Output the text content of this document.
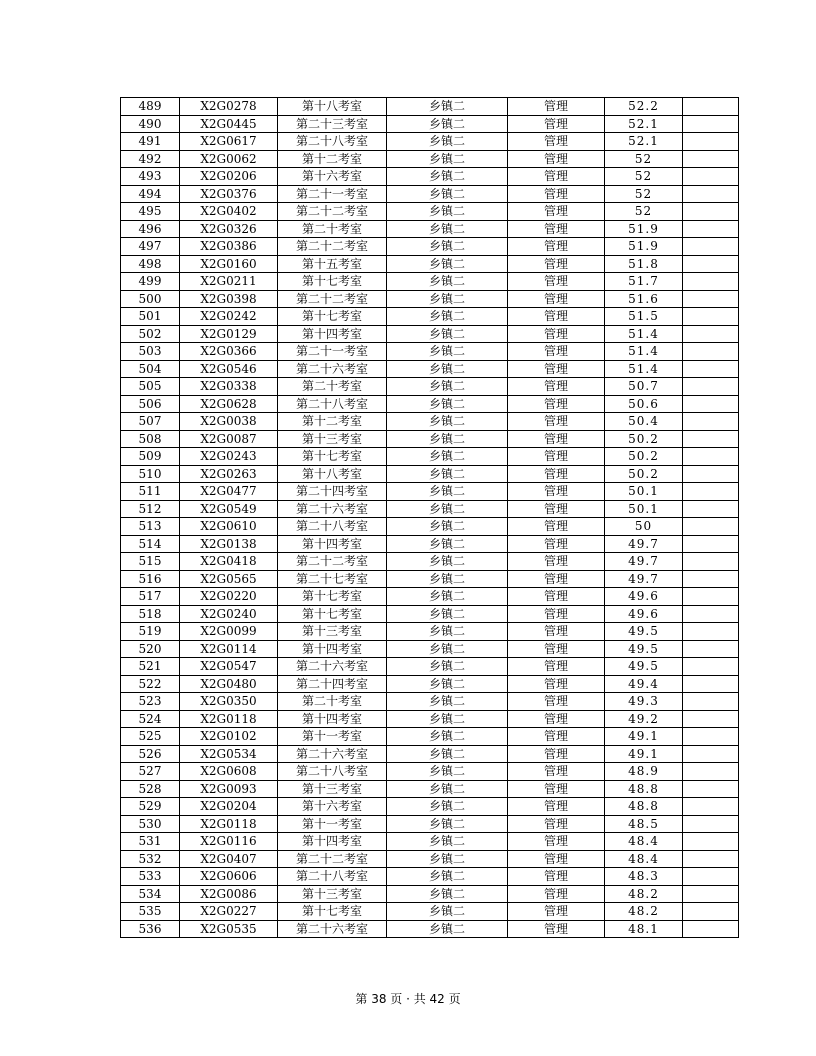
489	X2G0278	第十八考室	乡镇二	管理	52.2	
490	X2G0445	第二十三考室	乡镇二	管理	52.1	
491	X2G0617	第二十八考室	乡镇二	管理	52.1	
492	X2G0062	第十二考室	乡镇二	管理	52	
493	X2G0206	第十六考室	乡镇二	管理	52	
494	X2G0376	第二十一考室	乡镇二	管理	52	
495	X2G0402	第二十二考室	乡镇二	管理	52	
496	X2G0326	第二十考室	乡镇二	管理	51.9	
497	X2G0386	第二十二考室	乡镇二	管理	51.9	
498	X2G0160	第十五考室	乡镇二	管理	51.8	
499	X2G0211	第十七考室	乡镇二	管理	51.7	
500	X2G0398	第二十二考室	乡镇二	管理	51.6	
501	X2G0242	第十七考室	乡镇二	管理	51.5	
502	X2G0129	第十四考室	乡镇二	管理	51.4	
503	X2G0366	第二十一考室	乡镇二	管理	51.4	
504	X2G0546	第二十六考室	乡镇二	管理	51.4	
505	X2G0338	第二十考室	乡镇二	管理	50.7	
506	X2G0628	第二十八考室	乡镇二	管理	50.6	
507	X2G0038	第十二考室	乡镇二	管理	50.4	
508	X2G0087	第十三考室	乡镇二	管理	50.2	
509	X2G0243	第十七考室	乡镇二	管理	50.2	
510	X2G0263	第十八考室	乡镇二	管理	50.2	
511	X2G0477	第二十四考室	乡镇二	管理	50.1	
512	X2G0549	第二十六考室	乡镇二	管理	50.1	
513	X2G0610	第二十八考室	乡镇二	管理	50	
514	X2G0138	第十四考室	乡镇二	管理	49.7	
515	X2G0418	第二十二考室	乡镇二	管理	49.7	
516	X2G0565	第二十七考室	乡镇二	管理	49.7	
517	X2G0220	第十七考室	乡镇二	管理	49.6	
518	X2G0240	第十七考室	乡镇二	管理	49.6	
519	X2G0099	第十三考室	乡镇二	管理	49.5	
520	X2G0114	第十四考室	乡镇二	管理	49.5	
521	X2G0547	第二十六考室	乡镇二	管理	49.5	
522	X2G0480	第二十四考室	乡镇二	管理	49.4	
523	X2G0350	第二十考室	乡镇二	管理	49.3	
524	X2G0118	第十四考室	乡镇二	管理	49.2	
525	X2G0102	第十一考室	乡镇二	管理	49.1	
526	X2G0534	第二十六考室	乡镇二	管理	49.1	
527	X2G0608	第二十八考室	乡镇二	管理	48.9	
528	X2G0093	第十三考室	乡镇二	管理	48.8	
529	X2G0204	第十六考室	乡镇二	管理	48.8	
530	X2G0118	第十一考室	乡镇二	管理	48.5	
531	X2G0116	第十四考室	乡镇二	管理	48.4	
532	X2G0407	第二十二考室	乡镇二	管理	48.4	
533	X2G0606	第二十八考室	乡镇二	管理	48.3	
534	X2G0086	第十三考室	乡镇二	管理	48.2	
535	X2G0227	第十七考室	乡镇二	管理	48.2	
536	X2G0535	第二十六考室	乡镇二	管理	48.1	
第 38 页 · 共 42 页
